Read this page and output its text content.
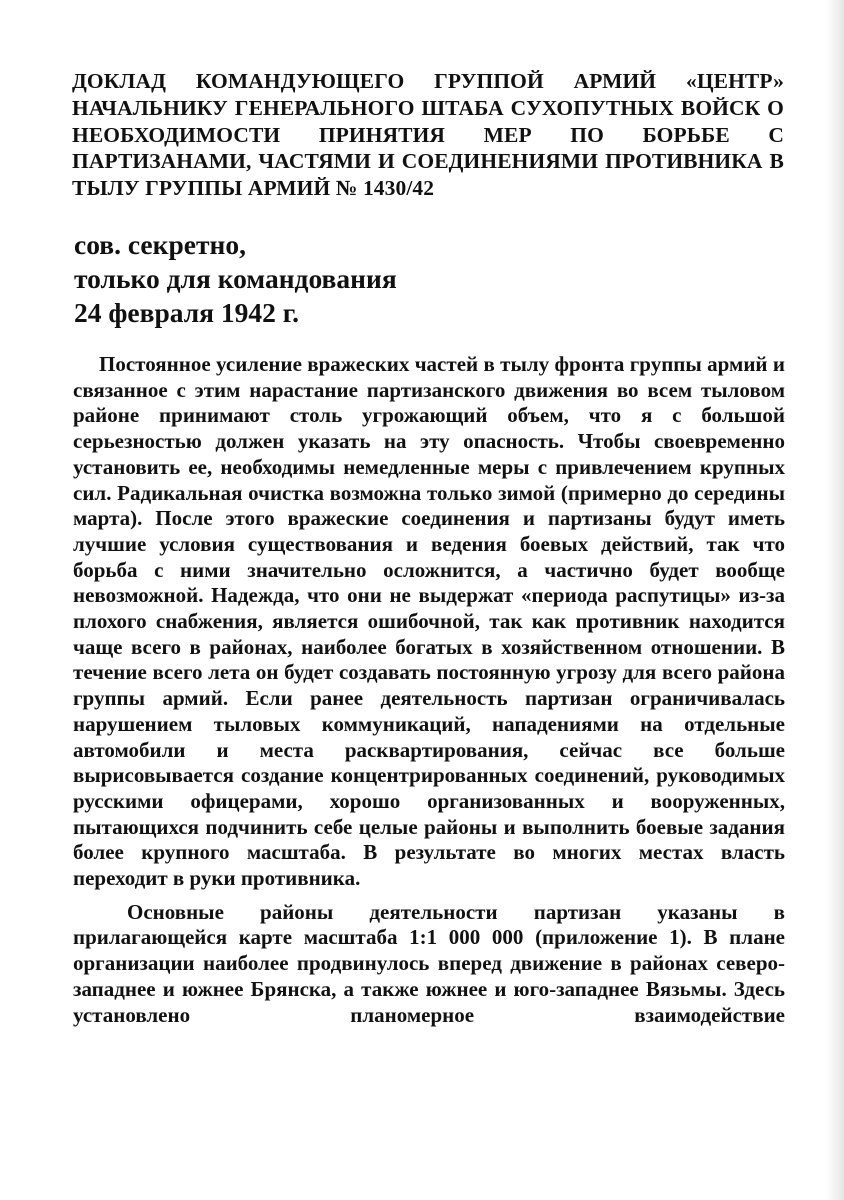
ДОКЛАД КОМАНДУЮЩЕГО ГРУППОЙ АРМИЙ «ЦЕНТР» НАЧАЛЬНИКУ ГЕНЕРАЛЬНОГО ШТАБА СУХОПУТНЫХ ВОЙСК О НЕОБХОДИМОСТИ ПРИНЯТИЯ МЕР ПО БОРЬБЕ С ПАРТИЗАНАМИ, ЧАСТЯМИ И СОЕДИНЕНИЯМИ ПРОТИВНИКА В ТЫЛУ ГРУППЫ АРМИЙ № 1430/42
сов. секретно,
только для командования
24 февраля 1942 г.

Постоянное усиление вражеских частей в тылу фронта группы армий и связанное с этим нарастание партизанского движения во всем тыловом районе принимают столь угрожающий объем, что я с большой серьезностью должен указать на эту опасность. Чтобы своевременно установить ее, необходимы немедленные меры с привлечением крупных сил. Радикальная очистка возможна только зимой (примерно до середины марта). После этого вражеские соединения и партизаны будут иметь лучшие условия существования и ведения боевых действий, так что борьба с ними значительно осложнится, а частично будет вообще невозможной. Надежда, что они не выдержат «периода распутицы» из-за плохого снабжения, является ошибочной, так как противник находится чаще всего в районах, наиболее богатых в хозяйственном отношении. В течение всего лета он будет создавать постоянную угрозу для всего района группы армий. Если ранее деятельность партизан ограничивалась нарушением тыловых коммуникаций, нападениями на отдельные автомобили и места расквартирования, сейчас все больше вырисовывается создание концентрированных соединений, руководимых русскими офицерами, хорошо организованных и вооруженных, пытающихся подчинить себе целые районы и выполнить боевые задания более крупного масштаба. В результате во многих местах власть переходит в руки противника.

Основные районы деятельности партизан указаны в прилагающейся карте масштаба 1:1 000 000 (приложение 1). В плане организации наиболее продвинулось вперед движение в районах северо-западнее и южнее Брянска, а также южнее и юго-западнее Вязьмы. Здесь установлено планомерное взаимодействие
